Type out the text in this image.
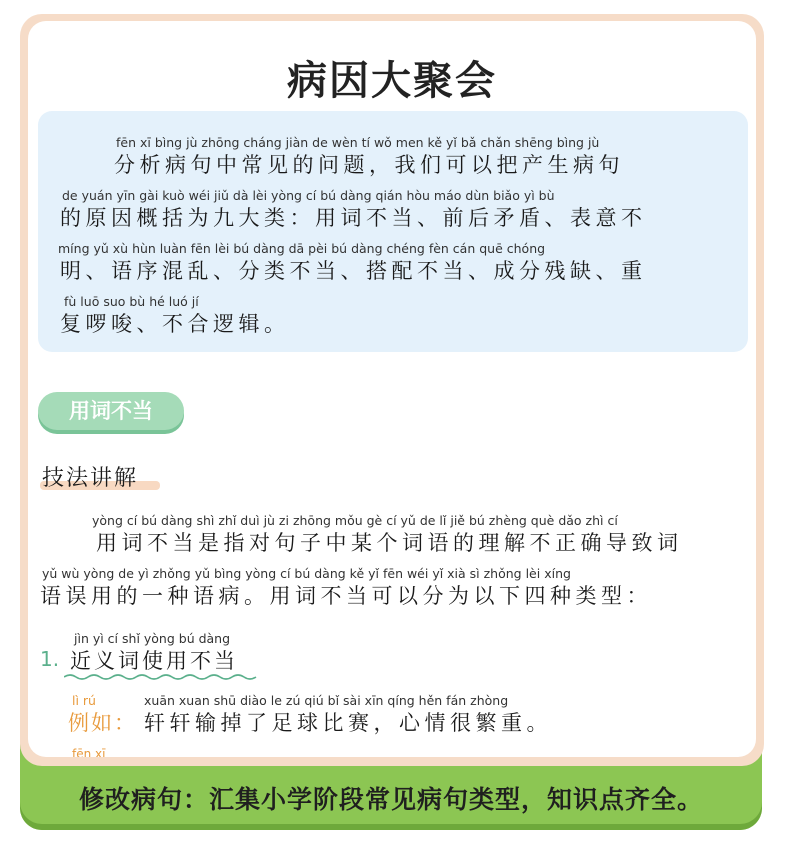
修改病句：汇集小学阶段常见病句类型，知识点齐全。
病因大聚会
fēn xī bìng jù zhōng cháng jiàn de wèn tí wǒ men kě yǐ bǎ chǎn shēng bìng jù
分析病句中常见的问题，我们可以把产生病句
de yuán yīn gài kuò wéi jiǔ dà lèi yòng cí bú dàng qián hòu máo dùn biǎo yì bù
的原因概括为九大类：用词不当、前后矛盾、表意不
míng yǔ xù hùn luàn fēn lèi bú dàng dā pèi bú dàng chéng fèn cán quē chóng
明、语序混乱、分类不当、搭配不当、成分残缺、重
fù luō suo bù hé luó jí
复啰唆、不合逻辑。
用词不当
技法讲解
yòng cí bú dàng shì zhǐ duì jù zi zhōng mǒu gè cí yǔ de lǐ jiě bú zhèng què dǎo zhì cí
用词不当是指对句子中某个词语的理解不正确导致词
yǔ wù yòng de yì zhǒng yǔ bìng yòng cí bú dàng kě yǐ fēn wéi yǐ xià sì zhǒng lèi xíng
语误用的一种语病。用词不当可以分为以下四种类型：
jìn yì cí shǐ yòng bú dàng
1. 近义词使用不当
lì rú
例如：
xuān xuan shū diào le zú qiú bǐ sài xīn qíng hěn fán zhòng
轩轩输掉了足球比赛，心情很繁重。
fēn xī
